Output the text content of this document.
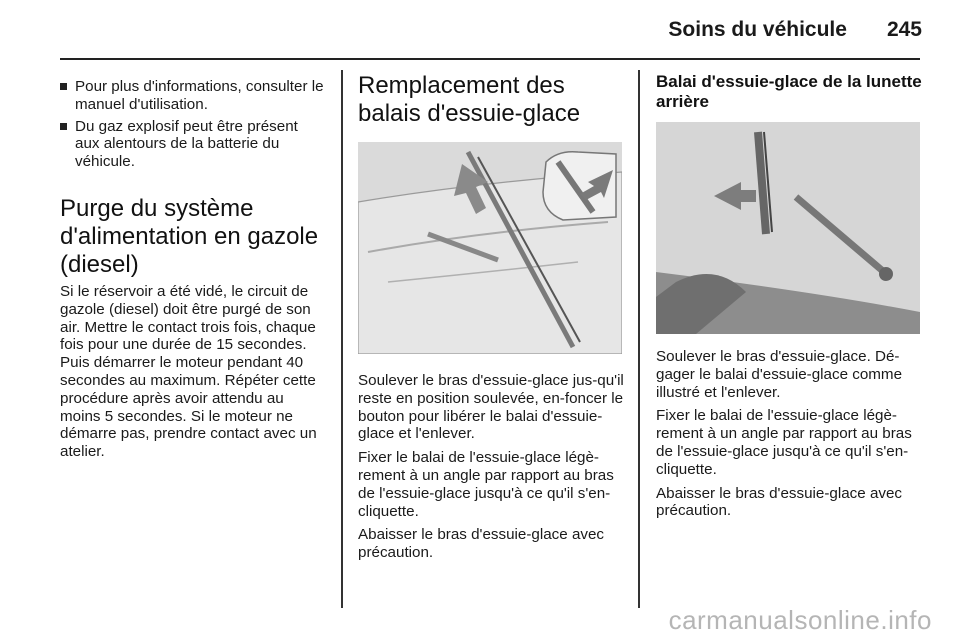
Soins du véhicule 245
Pour plus d'informations, consulter le manuel d'utilisation.
Du gaz explosif peut être présent aux alentours de la batterie du véhicule.
Purge du système d'alimentation en gazole (diesel)

Si le réservoir a été vidé, le circuit de gazole (diesel) doit être purgé de son air. Mettre le contact trois fois, chaque fois pour une durée de 15 secondes. Puis démarrer le moteur pendant 40 secondes au maximum. Répéter cette procédure après avoir attendu au moins 5 secondes. Si le moteur ne démarre pas, prendre contact avec un atelier.

Remplacement des balais d'essuie-glace

Soulever le bras d'essuie-glace jus-qu'il reste en position soulevée, en-foncer le bouton pour libérer le balai d'essuie-glace et l'enlever.

Fixer le balai de l'essuie-glace légè-rement à un angle par rapport au bras de l'essuie-glace jusqu'à ce qu'il s'en-cliquette.

Abaisser le bras d'essuie-glace avec précaution.

Balai d'essuie-glace de la lunette arrière

Soulever le bras d'essuie-glace. Dé-gager le balai d'essuie-glace comme illustré et l'enlever.

Fixer le balai de l'essuie-glace légè-rement à un angle par rapport au bras de l'essuie-glace jusqu'à ce qu'il s'en-cliquette.

Abaisser le bras d'essuie-glace avec précaution.

carmanualsonline.info
